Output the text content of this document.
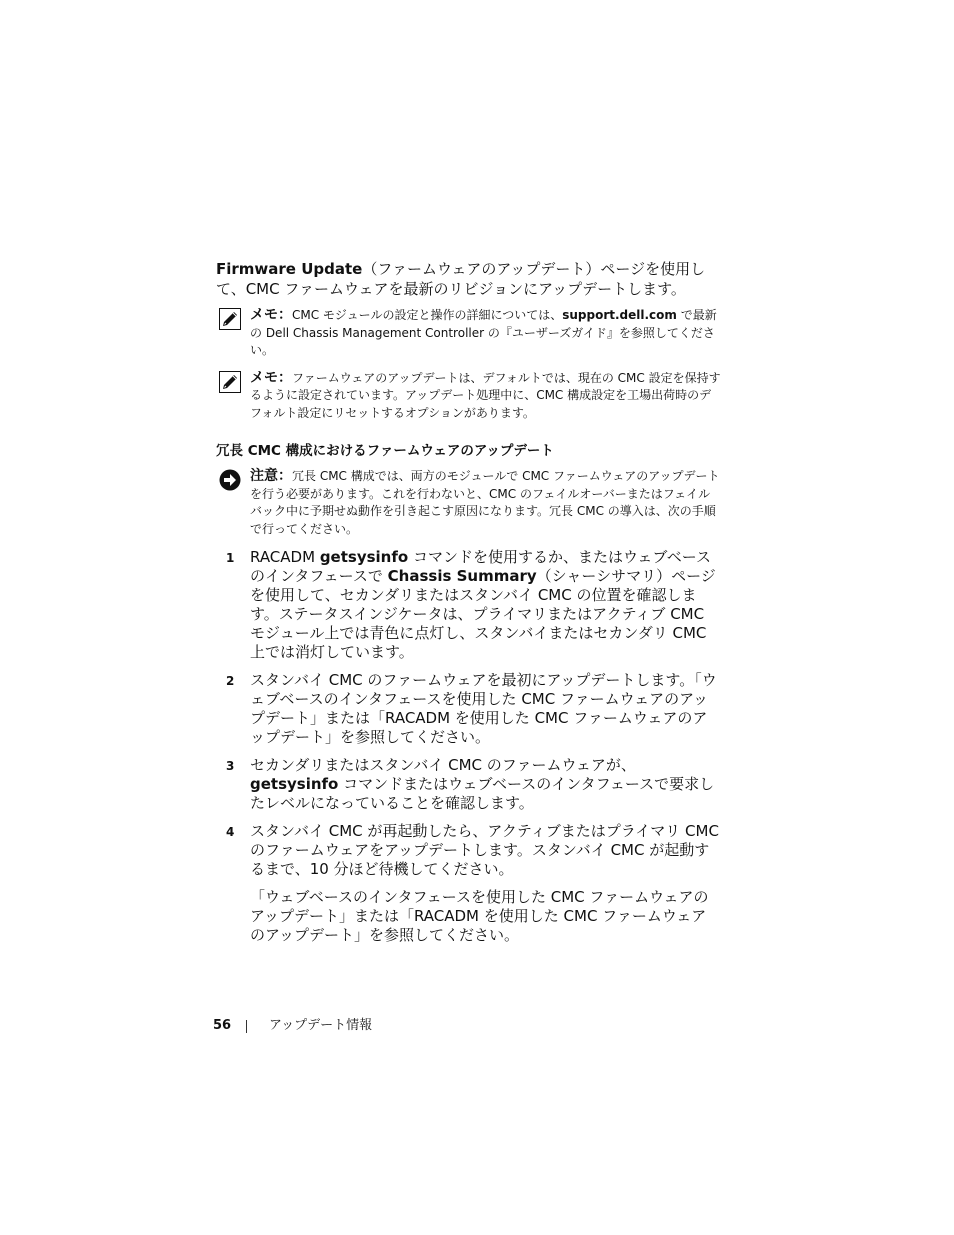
Firmware Update（ファームウェアのアップデート）ページを使用して、CMC ファームウェアを最新のリビジョンにアップデートします。

メモ：CMC モジュールの設定と操作の詳細については、support.dell.com で最新の Dell Chassis Management Controller の『ユーザーズガイド』を参照してください。
メモ：ファームウェアのアップデートは、デフォルトでは、現在の CMC 設定を保持するように設定されています。アップデート処理中に、CMC 構成設定を工場出荷時のデフォルト設定にリセットするオプションがあります。
冗長 CMC 構成におけるファームウェアのアップデート
注意：冗長 CMC 構成では、両方のモジュールで CMC ファームウェアのアップデートを行う必要があります。これを行わないと、CMC のフェイルオーバーまたはフェイルバック中に予期せぬ動作を引き起こす原因になります。冗長 CMC の導入は、次の手順で行ってください。
1 RACADM getsysinfo コマンドを使用するか、またはウェブベースのインタフェースで Chassis Summary（シャーシサマリ）ページを使用して、セカンダリまたはスタンバイ CMC の位置を確認します。ステータスインジケータは、プライマリまたはアクティブ CMC モジュール上では青色に点灯し、スタンバイまたはセカンダリ CMC 上では消灯しています。
2 スタンバイ CMC のファームウェアを最初にアップデートします。「ウェブベースのインタフェースを使用した CMC ファームウェアのアップデート」または「RACADM を使用した CMC ファームウェアのアップデート」を参照してください。
3 セカンダリまたはスタンバイ CMC のファームウェアが、getsysinfo コマンドまたはウェブベースのインタフェースで要求したレベルになっていることを確認します。
4 スタンバイ CMC が再起動したら、アクティブまたはプライマリ CMC のファームウェアをアップデートします。スタンバイ CMC が起動するまで、10 分ほど待機してください。
「ウェブベースのインタフェースを使用した CMC ファームウェアのアップデート」または「RACADM を使用した CMC ファームウェアのアップデート」を参照してください。
56	アップデート情報
